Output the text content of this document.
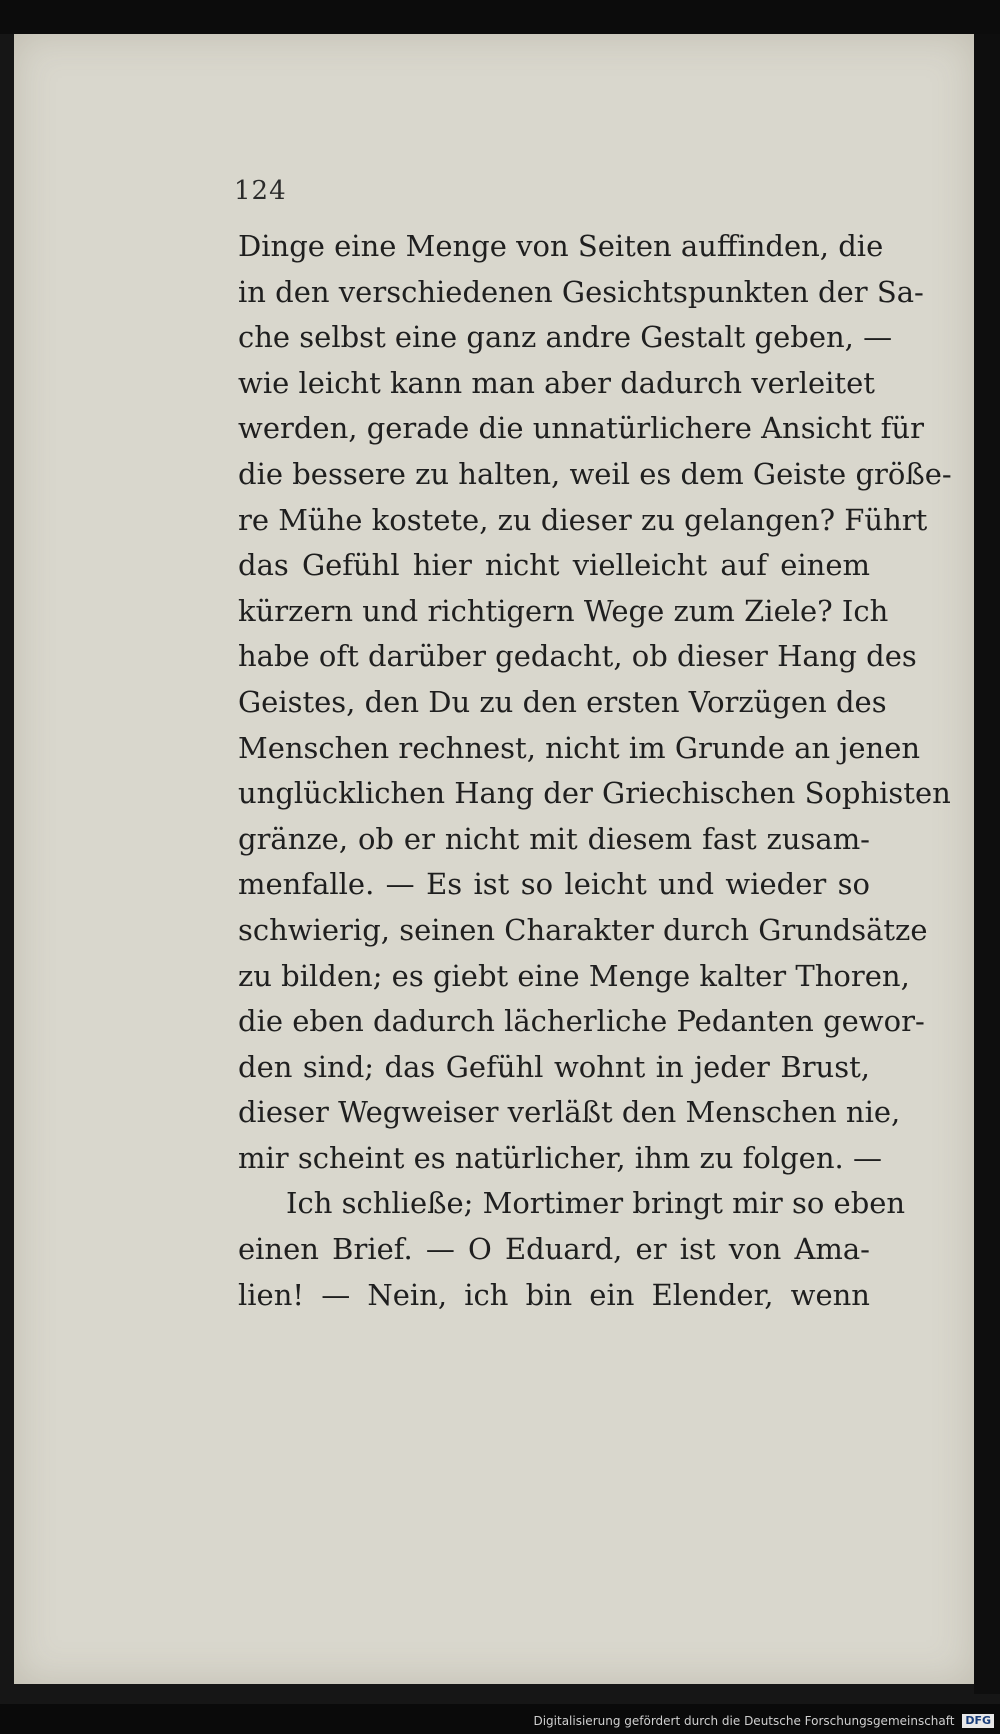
124
Dinge eine Menge von Seiten auffinden, die
in den verschiedenen Gesichtspunkten der Sa-
che selbst eine ganz andre Gestalt geben, —
wie leicht kann man aber dadurch verleitet
werden, gerade die unnatürlichere Ansicht für
die bessere zu halten, weil es dem Geiste größe-
re Mühe kostete, zu dieser zu gelangen? Führt
das Gefühl hier nicht vielleicht auf einem
kürzern und richtigern Wege zum Ziele? Ich
habe oft darüber gedacht, ob dieser Hang des
Geistes, den Du zu den ersten Vorzügen des
Menschen rechnest, nicht im Grunde an jenen
unglücklichen Hang der Griechischen Sophisten
gränze, ob er nicht mit diesem fast zusam-
menfalle. — Es ist so leicht und wieder so
schwierig, seinen Charakter durch Grundsätze
zu bilden; es giebt eine Menge kalter Thoren,
die eben dadurch lächerliche Pedanten gewor-
den sind; das Gefühl wohnt in jeder Brust,
dieser Wegweiser verläßt den Menschen nie,
mir scheint es natürlicher, ihm zu folgen. —
Ich schließe; Mortimer bringt mir so eben
einen Brief. — O Eduard, er ist von Ama-
lien! — Nein, ich bin ein Elender, wenn
Digitalisierung gefördert durch die Deutsche Forschungsgemeinschaft DFG
